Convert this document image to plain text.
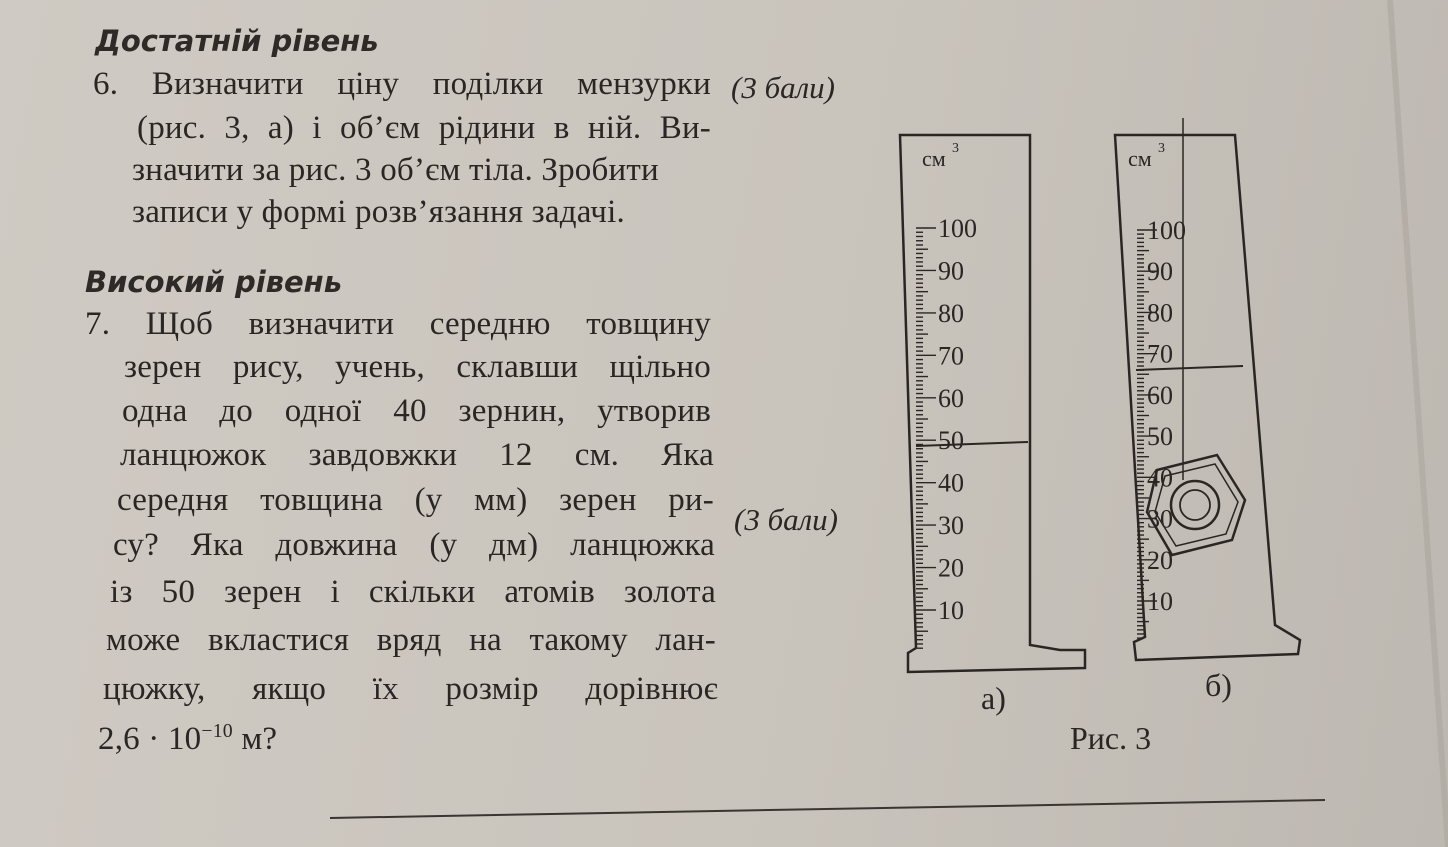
Достатній рівень
6. Визначити ціну поділки мензурки (3 бали)
(рис. 3, а) і об’єм рідини в ній. Ви-
значити за рис. 3 об’єм тіла. Зробити
записи у формі розв’язання задачі.
Високий рівень
7. Щоб визначити середню товщину
зерен рису, учень, склавши щільно
одна до одної 40 зернин, утворив
ланцюжок завдовжки 12 см. Яка
середня товщина (у мм) зерен ри-
(3 бали)
су? Яка довжина (у дм) ланцюжка
із 50 зерен і скільки атомів золота
може вкластися вряд на такому лан-
цюжку, якщо їх розмір дорівнює
$2,6 \cdot 10^{-10}$ м?
100
90
80
70
60
50
40
30
20
10
100
90
80
70
60
50
40
30
20
10
см 3	см 3
а)	б)
Рис. 3
